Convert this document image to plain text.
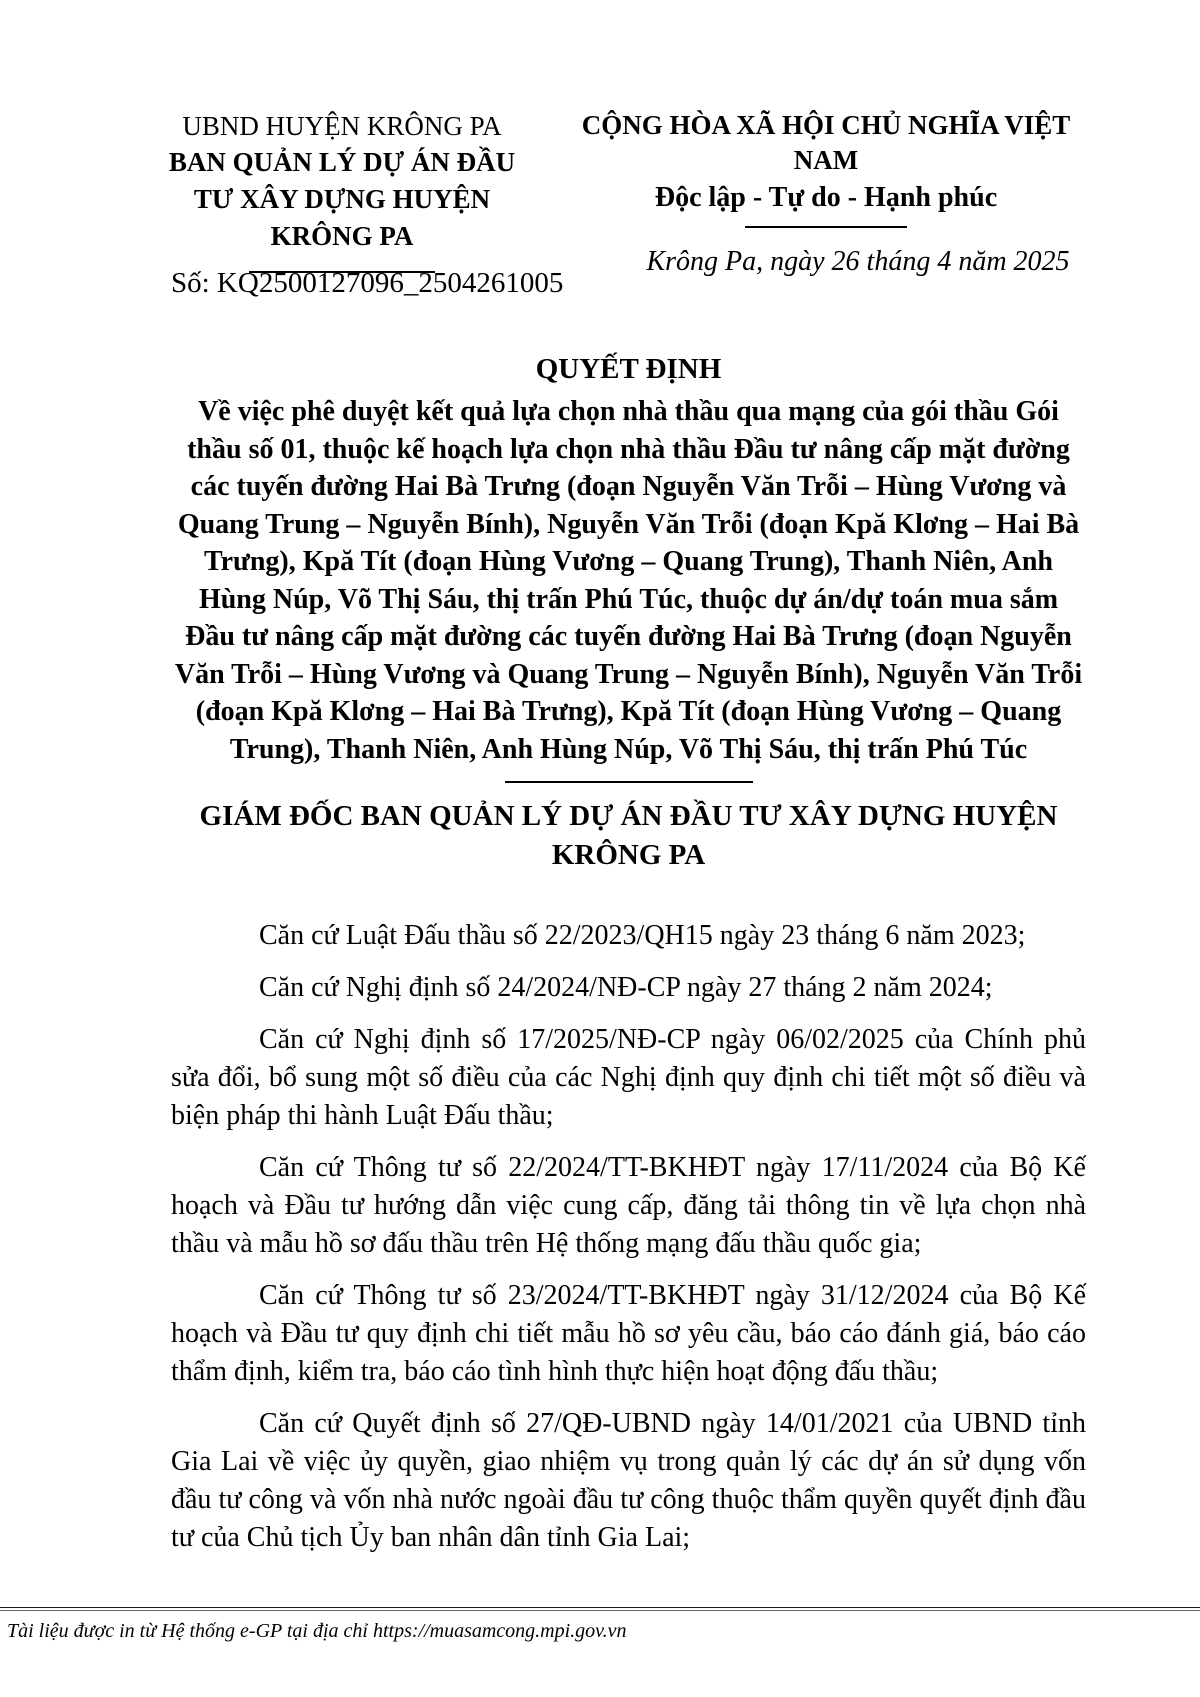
UBND HUYỆN KRÔNG PA
BAN QUẢN LÝ DỰ ÁN ĐẦU TƯ XÂY DỰNG HUYỆN KRÔNG PA
CỘNG HÒA XÃ HỘI CHỦ NGHĨA VIỆT NAM
Độc lập - Tự do - Hạnh phúc
Krông Pa, ngày 26 tháng 4 năm 2025
Số: KQ2500127096_2504261005
QUYẾT ĐỊNH
Về việc phê duyệt kết quả lựa chọn nhà thầu qua mạng của gói thầu Gói thầu số 01, thuộc kế hoạch lựa chọn nhà thầu Đầu tư nâng cấp mặt đường các tuyến đường Hai Bà Trưng (đoạn Nguyễn Văn Trỗi – Hùng Vương và Quang Trung – Nguyễn Bính), Nguyễn Văn Trỗi (đoạn Kpă Klơng – Hai Bà Trưng), Kpă Tít (đoạn Hùng Vương – Quang Trung), Thanh Niên, Anh Hùng Núp, Võ Thị Sáu, thị trấn Phú Túc, thuộc dự án/dự toán mua sắm Đầu tư nâng cấp mặt đường các tuyến đường Hai Bà Trưng (đoạn Nguyễn Văn Trỗi – Hùng Vương và Quang Trung – Nguyễn Bính), Nguyễn Văn Trỗi (đoạn Kpă Klơng – Hai Bà Trưng), Kpă Tít (đoạn Hùng Vương – Quang Trung), Thanh Niên, Anh Hùng Núp, Võ Thị Sáu, thị trấn Phú Túc
GIÁM ĐỐC BAN QUẢN LÝ DỰ ÁN ĐẦU TƯ XÂY DỰNG HUYỆN KRÔNG PA

Căn cứ Luật Đấu thầu số 22/2023/QH15 ngày 23 tháng 6 năm 2023;

Căn cứ Nghị định số 24/2024/NĐ-CP ngày 27 tháng 2 năm 2024;

Căn cứ Nghị định số 17/2025/NĐ-CP ngày 06/02/2025 của Chính phủ sửa đổi, bổ sung một số điều của các Nghị định quy định chi tiết một số điều và biện pháp thi hành Luật Đấu thầu;

Căn cứ Thông tư số 22/2024/TT-BKHĐT ngày 17/11/2024 của Bộ Kế hoạch và Đầu tư hướng dẫn việc cung cấp, đăng tải thông tin về lựa chọn nhà thầu và mẫu hồ sơ đấu thầu trên Hệ thống mạng đấu thầu quốc gia;

Căn cứ Thông tư số 23/2024/TT-BKHĐT ngày 31/12/2024 của Bộ Kế hoạch và Đầu tư quy định chi tiết mẫu hồ sơ yêu cầu, báo cáo đánh giá, báo cáo thẩm định, kiểm tra, báo cáo tình hình thực hiện hoạt động đấu thầu;

Căn cứ Quyết định số 27/QĐ-UBND ngày 14/01/2021 của UBND tỉnh Gia Lai về việc ủy quyền, giao nhiệm vụ trong quản lý các dự án sử dụng vốn đầu tư công và vốn nhà nước ngoài đầu tư công thuộc thẩm quyền quyết định đầu tư của Chủ tịch Ủy ban nhân dân tỉnh Gia Lai;

Tài liệu được in từ Hệ thống e-GP tại địa chỉ https://muasamcong.mpi.gov.vn
